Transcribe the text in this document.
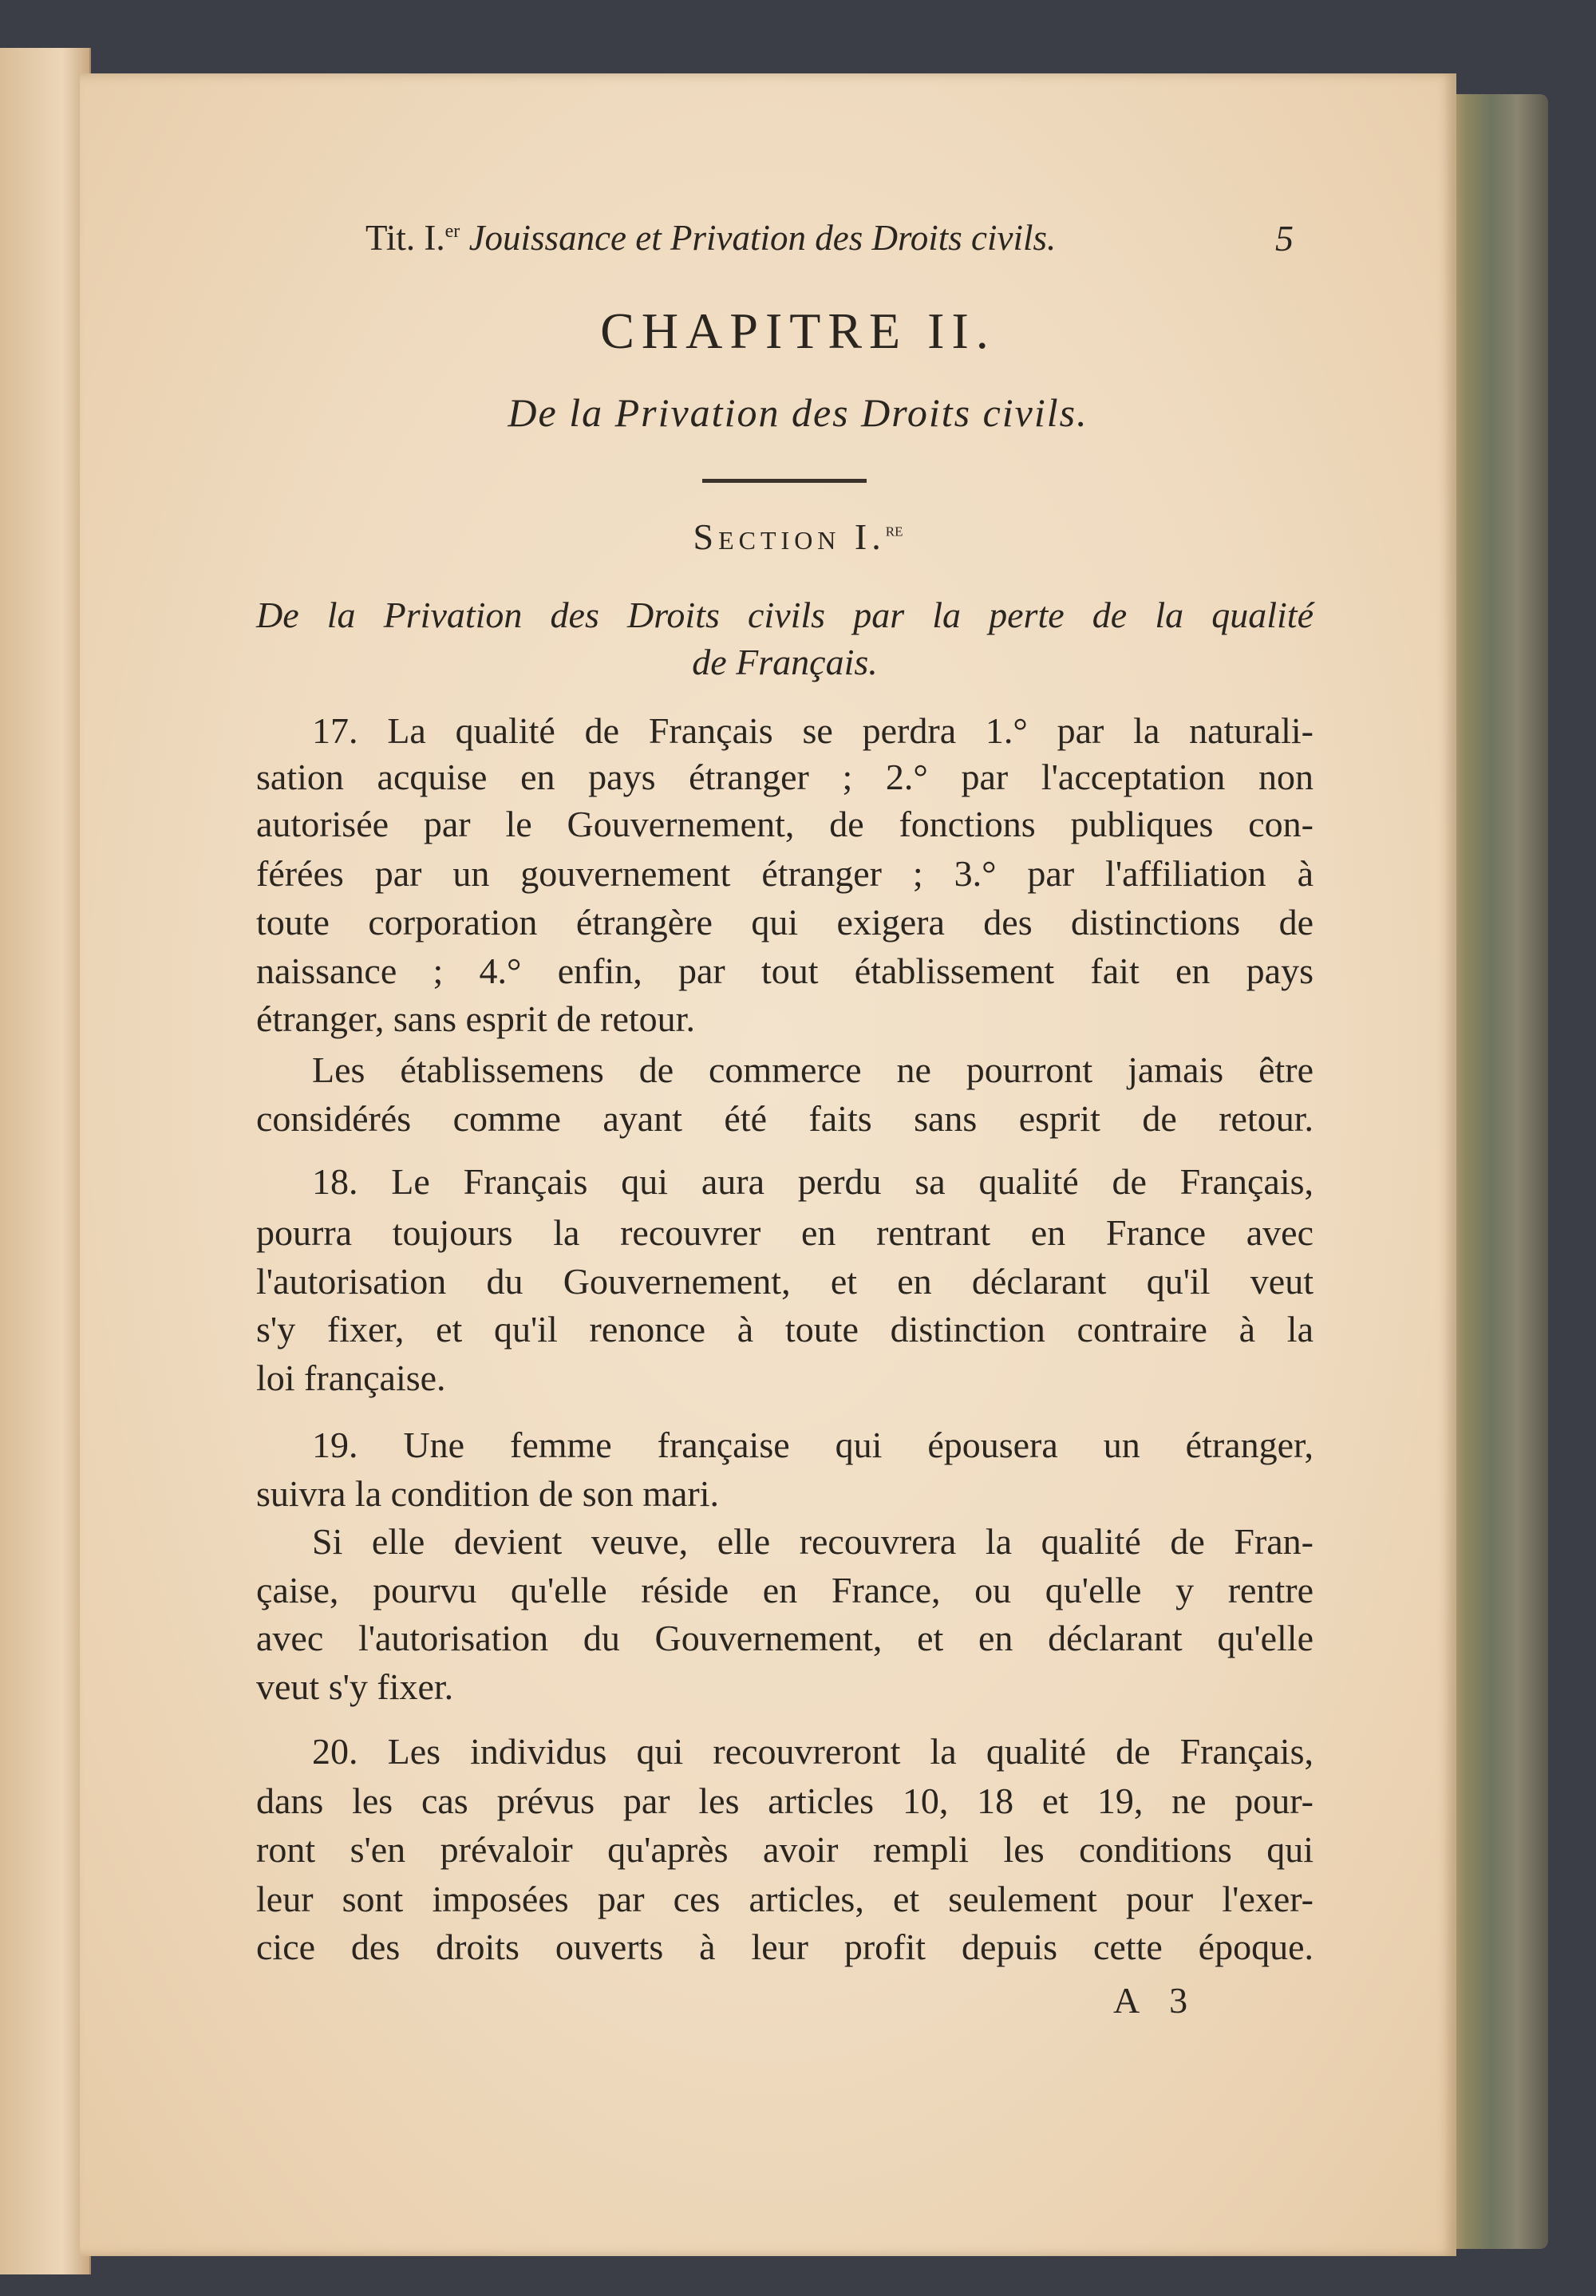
Tit. I.$^{er}$ Jouissance et Privation des Droits civils.	5
CHAPITRE II.
De la Privation des Droits civils.
Section I.$^{re}$
De la Privation des Droits civils par la perte de la qualité
de Français.
17. La qualité de Français se perdra 1.° par la naturali-
sation acquise en pays étranger ; 2.° par l'acceptation non
autorisée par le Gouvernement, de fonctions publiques con-
férées par un gouvernement étranger ; 3.° par l'affiliation à
toute corporation étrangère qui exigera des distinctions de
naissance ; 4.° enfin, par tout établissement fait en pays
étranger, sans esprit de retour.
Les établissemens de commerce ne pourront jamais être
considérés comme ayant été faits sans esprit de retour.
18. Le Français qui aura perdu sa qualité de Français,
pourra toujours la recouvrer en rentrant en France avec
l'autorisation du Gouvernement, et en déclarant qu'il veut
s'y fixer, et qu'il renonce à toute distinction contraire à la
loi française.
19. Une femme française qui épousera un étranger,
suivra la condition de son mari.
Si elle devient veuve, elle recouvrera la qualité de Fran-
çaise, pourvu qu'elle réside en France, ou qu'elle y rentre
avec l'autorisation du Gouvernement, et en déclarant qu'elle
veut s'y fixer.
20. Les individus qui recouvreront la qualité de Français,
dans les cas prévus par les articles 10, 18 et 19, ne pour-
ront s'en prévaloir qu'après avoir rempli les conditions qui
leur sont imposées par ces articles, et seulement pour l'exer-
cice des droits ouverts à leur profit depuis cette époque.
A 3
